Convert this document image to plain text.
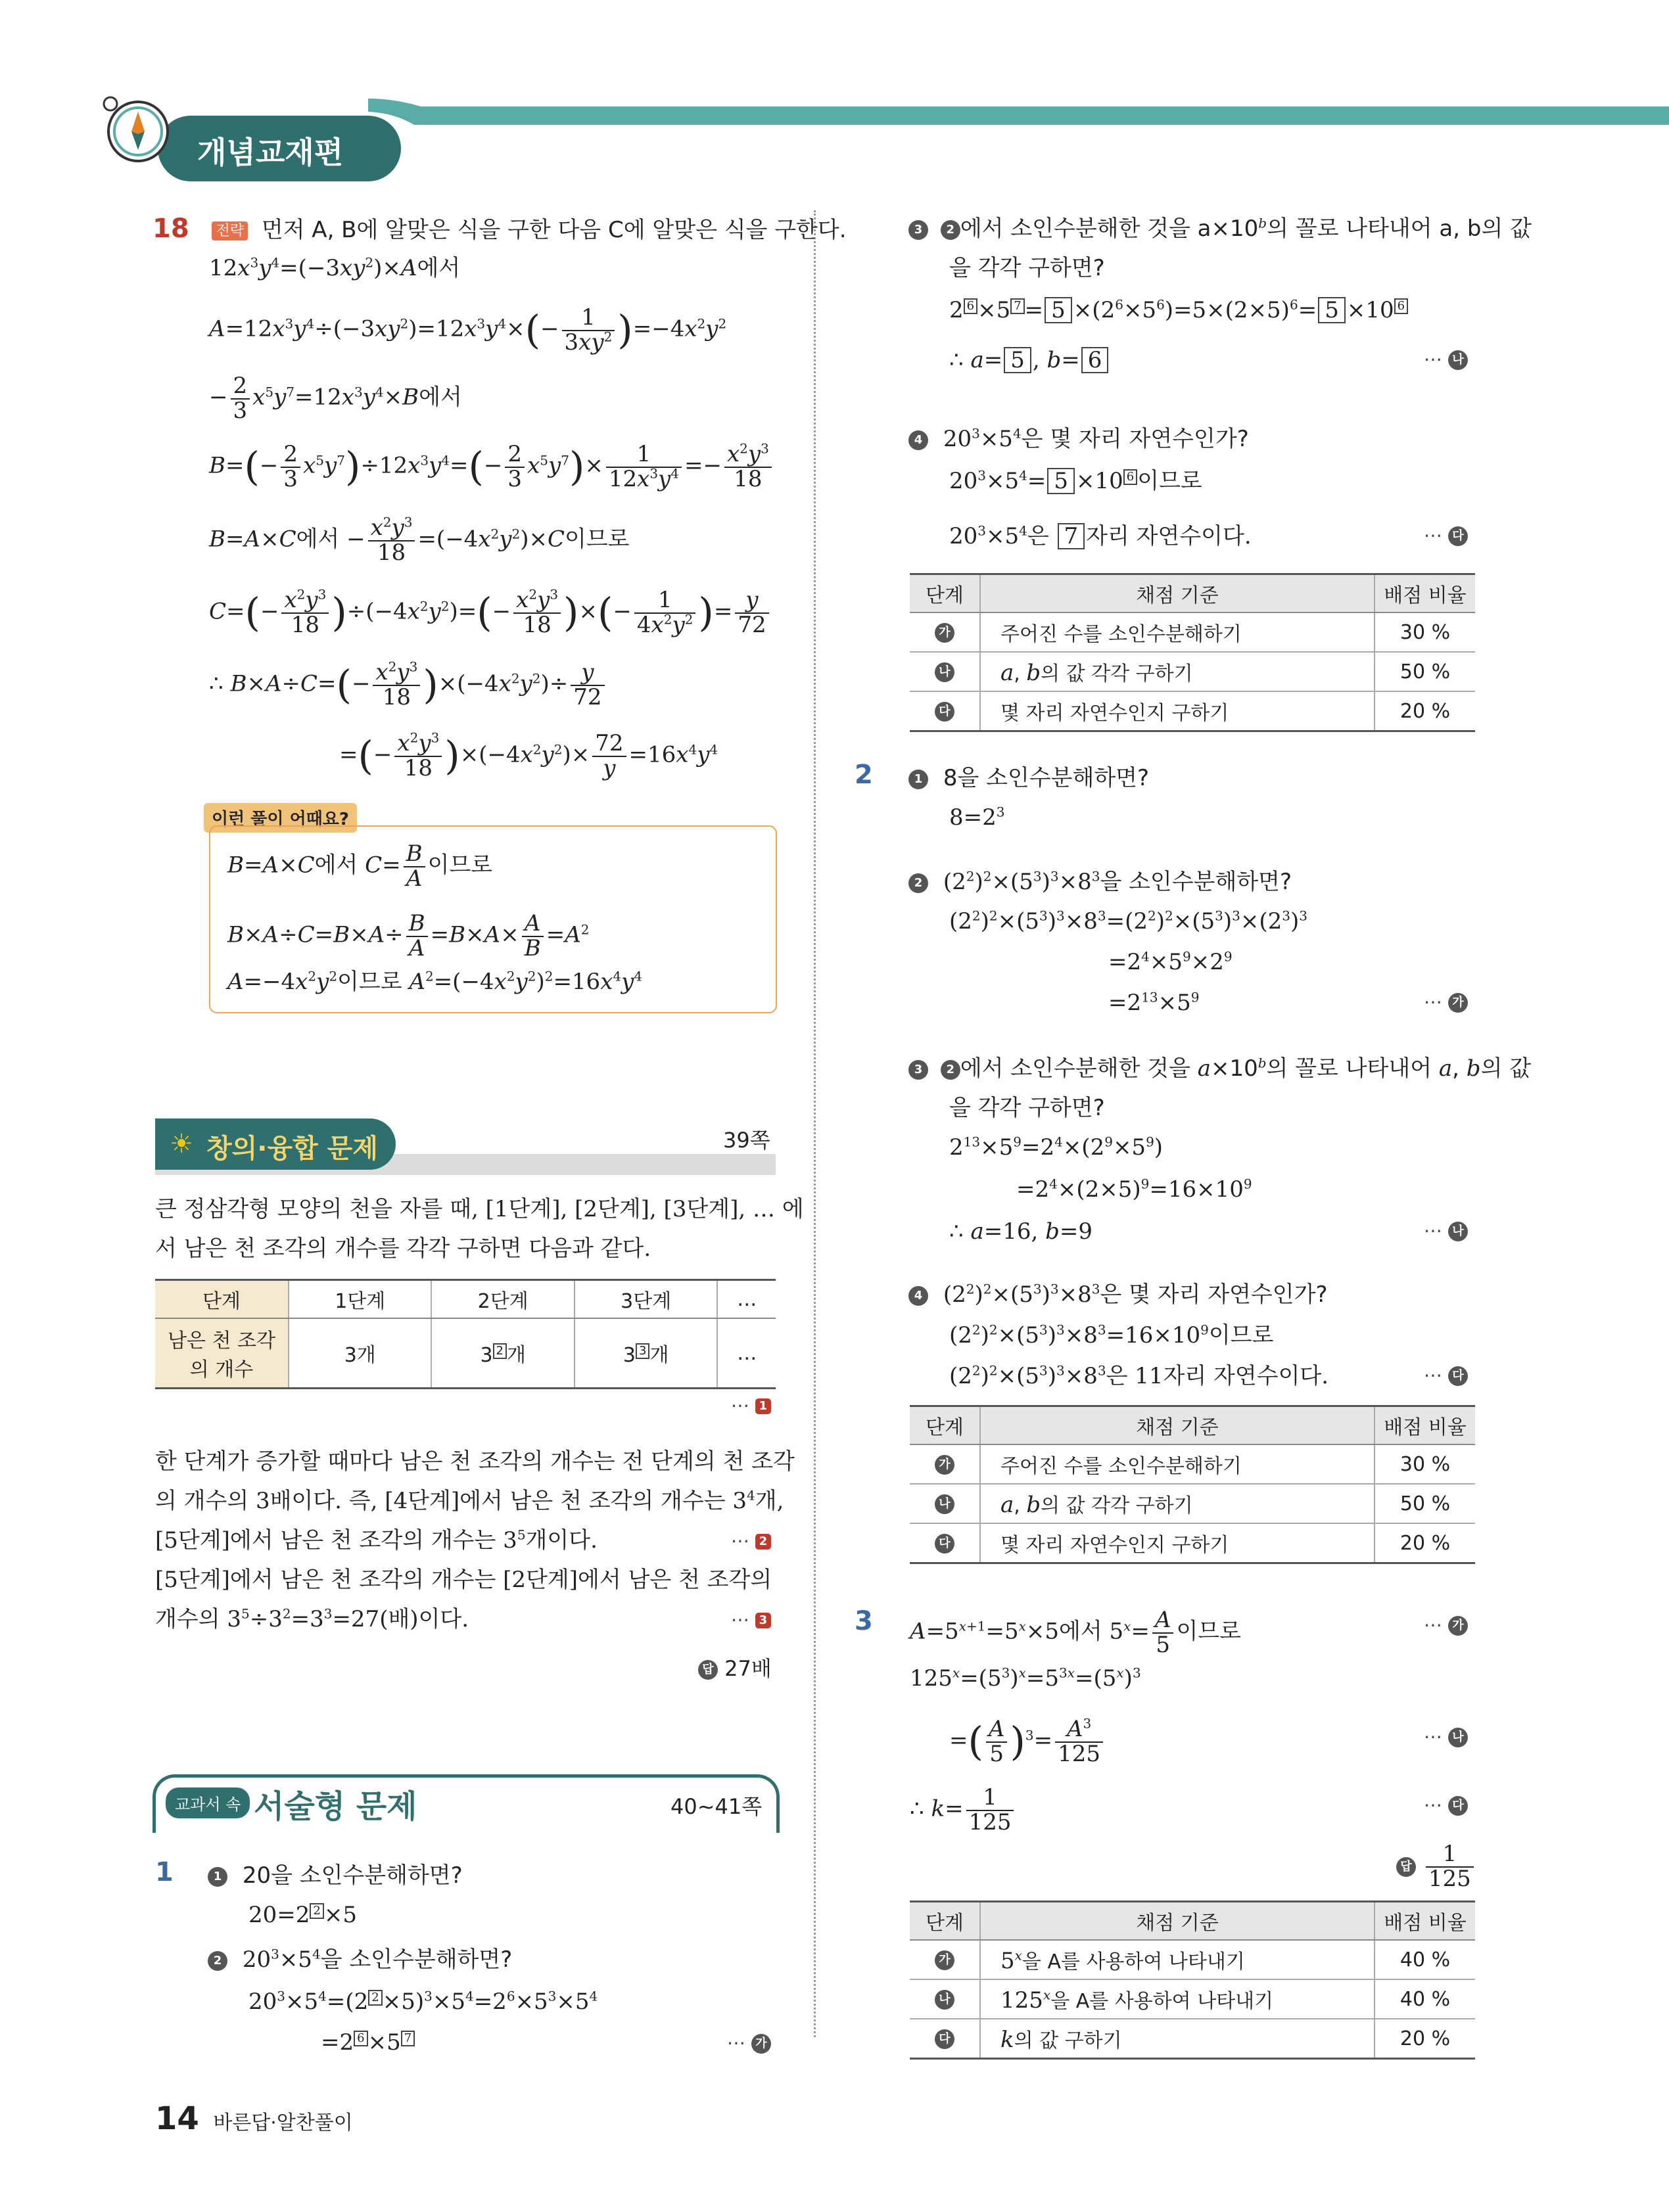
개념교재편
18 전략 먼저 A, B에 알맞은 식을 구한 다음 C에 알맞은 식을 구한다.
$12x^3y^4=(-3xy^2)\times A$에서
$A=12x^3y^4\div(-3xy^2)=12x^3y^4\times(- \frac{1}{3xy^2} )=-4x^2y^2$
− $\frac{2}{3} x^5y^7=12x^3y^4\times B$에서
$B=(- \frac{2}{3} x^5y^7)\div 12x^3y^4=(- \frac{2}{3} x^5y^7)\times \frac{1}{12x^3y^4} =- \frac{x^2y^3}{18}$
B=A×C에서 − $\frac{x^2y^3}{18} =(-4x^2y^2)\times C$이므로
$C=(- \frac{x^2y^3}{18} )\div(-4x^2y^2)=(- \frac{x^2y^3}{18}$ )×(− $\frac{1}{4x^2y^2}$ )= $\frac{y}{72}$
∴ $B\times A\div C=(- \frac{x^2y^3}{18} )\times(-4x^2y^2)\div \frac{y}{72}$
=(− $\frac{x^2y^3}{18} )\times(-4x^2y^2)\times \frac{72}{y} =16x^4y^4$
이런 풀이 어때요?
B=A×C에서 $C= \frac{B}{A}$ 이므로
$B\times A\div C=B\times A\div \frac{B}{A} =B\times A\times \frac{A}{B} =A^2$
$A=-4x^2y^2$이므로 $A^2=(-4x^2y^2)^2=16x^4y^4$
☀ 창의·융합 문제	39쪽
큰 정삼각형 모양의 천을 자를 때, [1단계], [2단계], [3단계], … 에
서 남은 천 조각의 개수를 각각 구하면 다음과 같다.
단계	1단계	2단계	3단계	…
남은 천 조각의 개수	3개	3 2 개	3 3 개	…
⋯ 1
한 단계가 증가할 때마다 남은 천 조각의 개수는 전 단계의 천 조각
의 개수의 3배이다. 즉, [4단계]에서 남은 천 조각의 개수는 $3^4$개,
[5단계]에서 남은 천 조각의 개수는 $3^5$개이다.	⋯ 2
[5단계]에서 남은 천 조각의 개수는 [2단계]에서 남은 천 조각의
개수의 $3^5\div 3^2=3^3=27$(배)이다.	⋯ 3
답 27배
교과서 속 서술형 문제	40~41쪽
1	1 20을 소인수분해하면?
20=2 2 ×5
2 $20^3\times 5^4$을 소인수분해하면?
$20^3\times 5^4=(2$ $2 \times 5)^3\times 5^4=2^6\times 5^3\times 5^4$
=2 6 ×5 7	⋯ 가
14 바른답·알찬풀이
3 2 에서 소인수분해한 것을 $a\times 10^b$의 꼴로 나타내어 a, b의 값
을 각각 구하면?
2 6 ×5 $7 = 5 \times(2^6\times 5^6)=5\times(2\times 5)^6= 5 \times 10$ 6
∴ a= 5 , b= 6	⋯ 나
4 $20^3\times 5^4$은 몇 자리 자연수인가?
$20^3\times 5^4= 5 \times 10$ 6 이므로
$20^3\times 5^4$은 7 자리 자연수이다.	⋯ 다
단계	채점 기준	배점 비율
가	주어진 수를 소인수분해하기	30 %
나	a, b의 값 각각 구하기	50 %
다	몇 자리 자연수인지 구하기	20 %
2	1 8을 소인수분해하면?
$8=2^3$
2 $(2^2)^2\times(5^3)^3\times 8^3$을 소인수분해하면?
$(2^2)^2\times(5^3)^3\times 8^3=(2^2)^2\times(5^3)^3\times(2^3)^3$
$=2^4\times 5^9\times 2^9$
$=2^{13}\times 5^9$	⋯ 가
3 2 에서 소인수분해한 것을 $a\times 10^b$의 꼴로 나타내어 a, b의 값
을 각각 구하면?
$2^{13}\times 5^9=2^4\times(2^9\times 5^9)$
$=2^4\times(2\times 5)^9=16\times 10^9$
∴ a=16, b=9	⋯ 나
4 $(2^2)^2\times(5^3)^3\times 8^3$은 몇 자리 자연수인가?
$(2^2)^2\times(5^3)^3\times 8^3=16\times 10^9$이므로
$(2^2)^2\times(5^3)^3\times 8^3$은 11자리 자연수이다.	⋯ 다
단계	채점 기준	배점 비율
가	주어진 수를 소인수분해하기	30 %
나	a, b의 값 각각 구하기	50 %
다	몇 자리 자연수인지 구하기	20 %
3 $A=5^{x+1}=5^x\times 5$에서 $5^x= \frac{A}{5}$ 이므로	⋯ 가
$125^x=(5^3)^x=5^{3x}=(5^x)^3$
=( $\frac{A}{5} )^3= \frac{A^3}{125}$	⋯ 나
∴ $k= \frac{1}{125}$	⋯ 다
답 $\frac{1}{125}$
단계	채점 기준	배점 비율
가	5$^x$을 A를 사용하여 나타내기	40 %
나	125$^x$을 A를 사용하여 나타내기	40 %
다	k의 값 구하기	20 %
